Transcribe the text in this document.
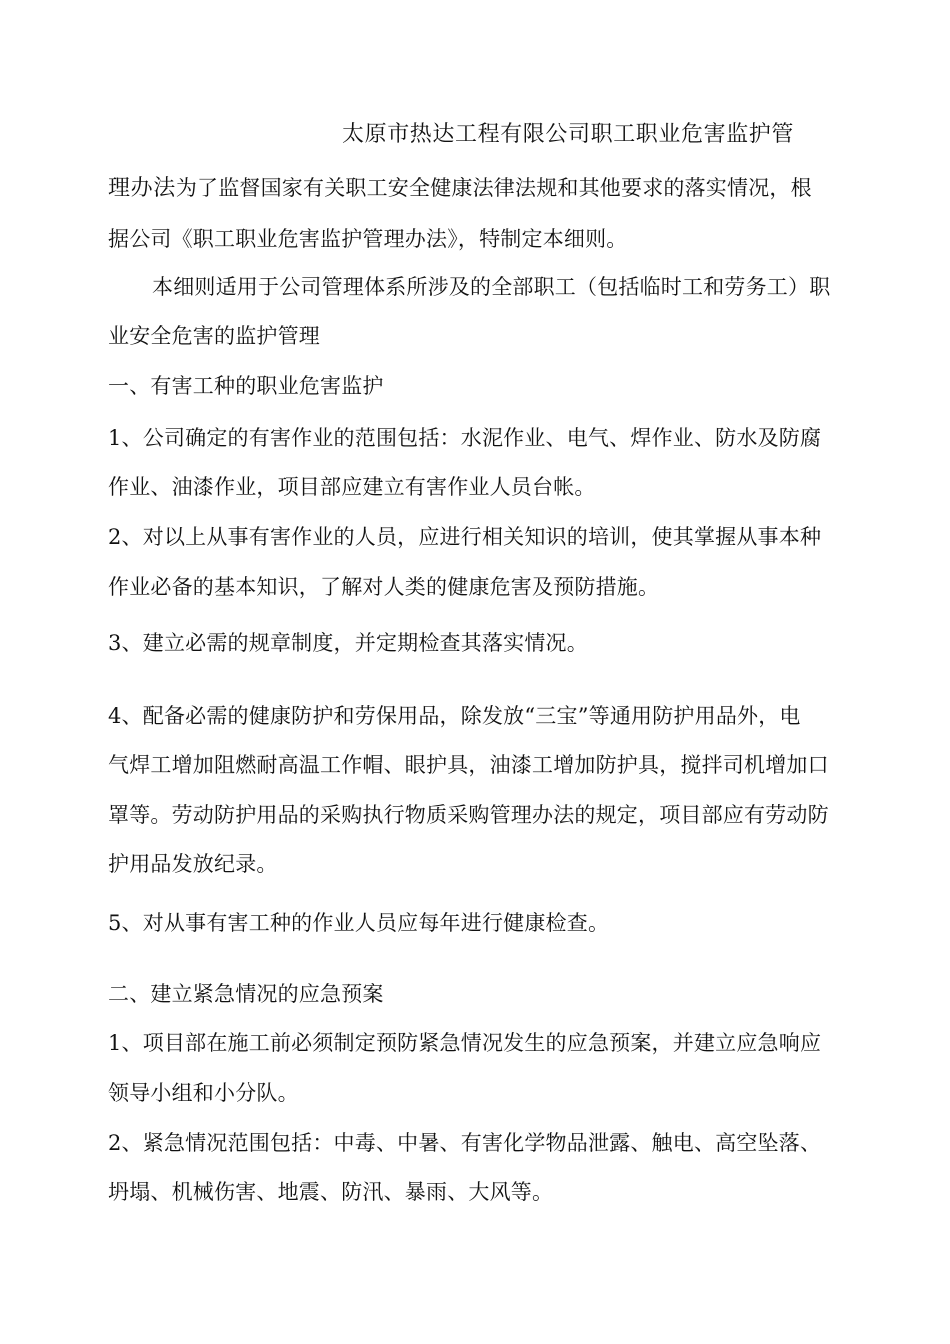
太原市热达工程有限公司职工职业危害监护管
理办法为了监督国家有关职工安全健康法律法规和其他要求的落实情况，根
据公司《职工职业危害监护管理办法》，特制定本细则。
本细则适用于公司管理体系所涉及的全部职工（包括临时工和劳务工）职
业安全危害的监护管理
一、有害工种的职业危害监护
1、公司确定的有害作业的范围包括：水泥作业、电气、焊作业、防水及防腐
作业、油漆作业，项目部应建立有害作业人员台帐。
2、对以上从事有害作业的人员，应进行相关知识的培训，使其掌握从事本种
作业必备的基本知识，了解对人类的健康危害及预防措施。
3、建立必需的规章制度，并定期检查其落实情况。
4、配备必需的健康防护和劳保用品，除发放“三宝”等通用防护用品外，电
气焊工增加阻燃耐高温工作帽、眼护具，油漆工增加防护具，搅拌司机增加口
罩等。劳动防护用品的采购执行物质采购管理办法的规定，项目部应有劳动防
护用品发放纪录。
5、对从事有害工种的作业人员应每年进行健康检查。
二、建立紧急情况的应急预案
1、项目部在施工前必须制定预防紧急情况发生的应急预案，并建立应急响应
领导小组和小分队。
2、紧急情况范围包括：中毒、中暑、有害化学物品泄露、触电、高空坠落、
坍塌、机械伤害、地震、防汛、暴雨、大风等。
